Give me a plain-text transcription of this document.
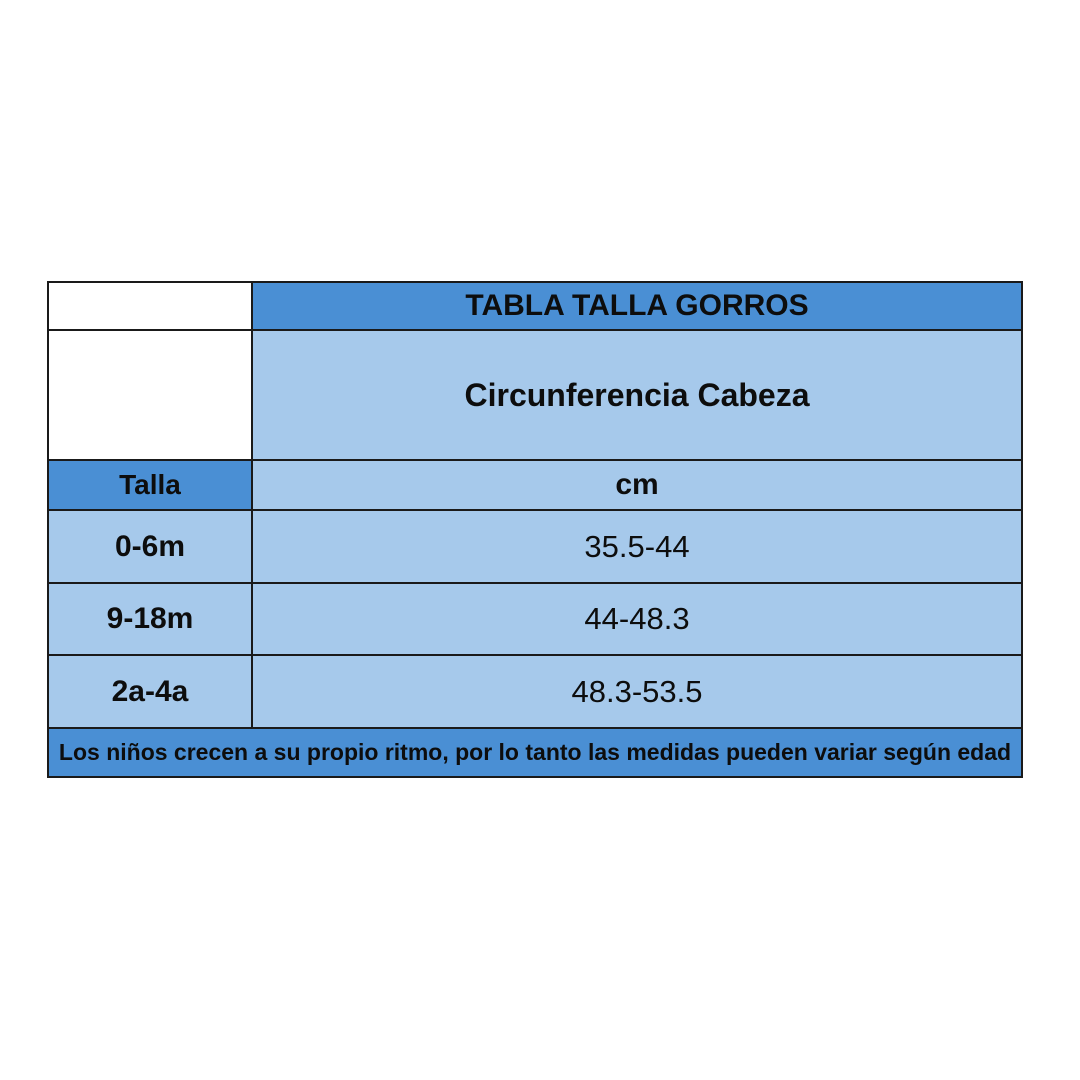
	TABLA TALLA GORROS
	Circunferencia Cabeza
Talla	cm
0-6m	35.5-44
9-18m	44-48.3
2a-4a	48.3-53.5
Los niños crecen a su propio ritmo, por lo tanto las medidas pueden variar según edad	
